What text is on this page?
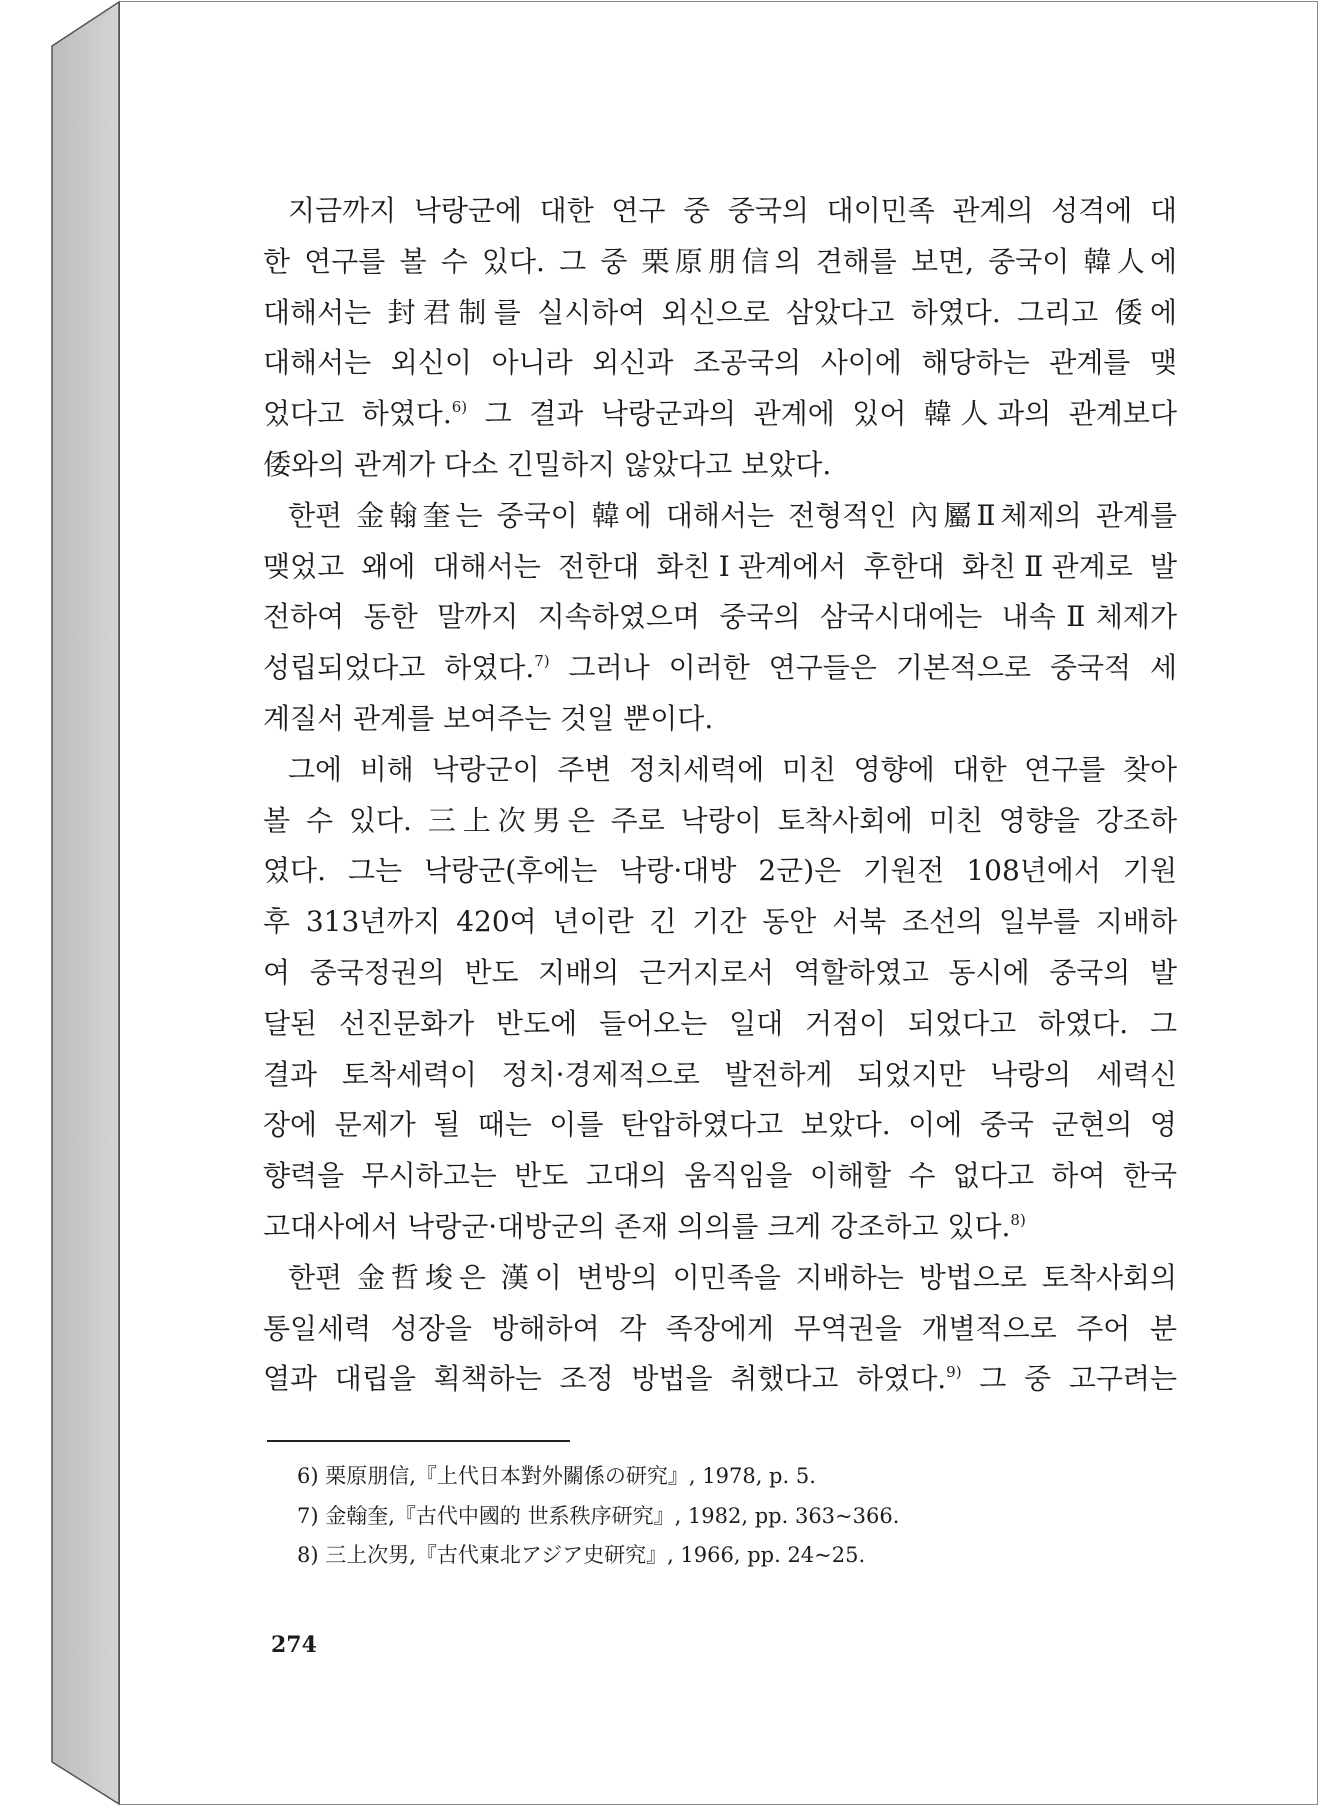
지금까지 낙랑군에 대한 연구 중 중국의 대이민족 관계의 성격에 대
한 연구를 볼 수 있다. 그 중 栗原朋信의 견해를 보면, 중국이 韓人에
대해서는 封君制를 실시하여 외신으로 삼았다고 하였다. 그리고 倭에
대해서는 외신이 아니라 외신과 조공국의 사이에 해당하는 관계를 맺
었다고 하였다.$^{6)}$ 그 결과 낙랑군과의 관계에 있어 韓人과의 관계보다
倭와의 관계가 다소 긴밀하지 않았다고 보았다.
한편 金翰奎는 중국이 韓에 대해서는 전형적인 內屬Ⅱ체제의 관계를
맺었고 왜에 대해서는 전한대 화친Ⅰ관계에서 후한대 화친Ⅱ관계로 발
전하여 동한 말까지 지속하였으며 중국의 삼국시대에는 내속Ⅱ체제가
성립되었다고 하였다.$^{7)}$ 그러나 이러한 연구들은 기본적으로 중국적 세
계질서 관계를 보여주는 것일 뿐이다.
그에 비해 낙랑군이 주변 정치세력에 미친 영향에 대한 연구를 찾아
볼 수 있다. 三上次男은 주로 낙랑이 토착사회에 미친 영향을 강조하
였다. 그는 낙랑군(후에는 낙랑·대방 2군)은 기원전 108년에서 기원
후 313년까지 420여 년이란 긴 기간 동안 서북 조선의 일부를 지배하
여 중국정권의 반도 지배의 근거지로서 역할하였고 동시에 중국의 발
달된 선진문화가 반도에 들어오는 일대 거점이 되었다고 하였다. 그
결과 토착세력이 정치·경제적으로 발전하게 되었지만 낙랑의 세력신
장에 문제가 될 때는 이를 탄압하였다고 보았다. 이에 중국 군현의 영
향력을 무시하고는 반도 고대의 움직임을 이해할 수 없다고 하여 한국
고대사에서 낙랑군·대방군의 존재 의의를 크게 강조하고 있다.$^{8)}$
한편 金哲埈은 漢이 변방의 이민족을 지배하는 방법으로 토착사회의
통일세력 성장을 방해하여 각 족장에게 무역권을 개별적으로 주어 분
열과 대립을 획책하는 조정 방법을 취했다고 하였다.$^{9)}$ 그 중 고구려는
6) 栗原朋信,『上代日本對外關係の研究』, 1978, p. 5.
7) 金翰奎,『古代中國的 世系秩序研究』, 1982, pp. 363~366.
8) 三上次男,『古代東北アジア史研究』, 1966, pp. 24~25.
274
